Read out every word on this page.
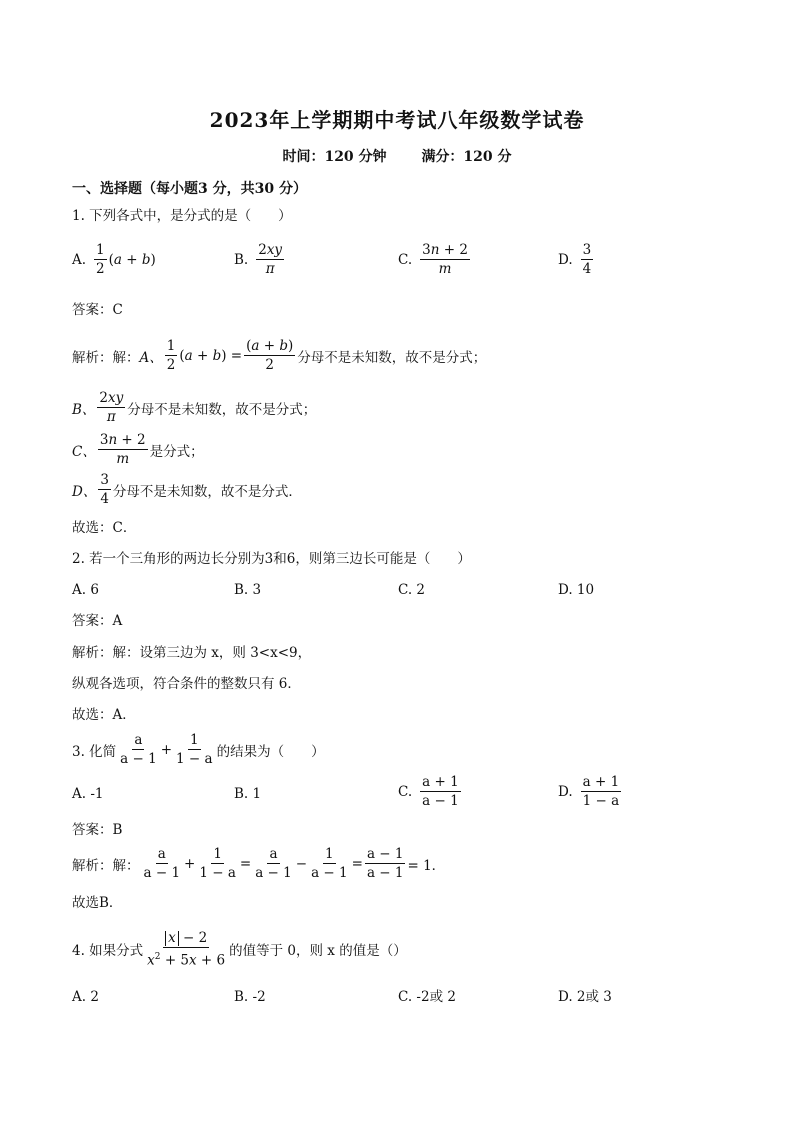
2023年上学期期中考试八年级数学试卷
时间：120 分钟 满分：120 分
一、选择题（每小题3 分，共30 分）
1. 下列各式中，是分式的是（　　）
A. $\frac{1}{2} (a + b)$	B. $\frac{2xy}{\pi}$	C. $\frac{3n + 2}{m}$	D. $\frac{3}{4}$
答案：C
解析：解： A、 $\frac{1}{2} (a + b) = \frac{(a + b)}{2}$ 分母不是未知数，故不是分式；
B、 $\frac{2xy}{\pi}$ 分母不是未知数，故不是分式；
C、 $\frac{3n + 2}{m}$ 是分式；
D、 $\frac{3}{4}$ 分母不是未知数，故不是分式．
故选：C．
2. 若一个三角形的两边长分别为3和6，则第三边长可能是（　　）
A. 6	B. 3	C. 2	D. 10
答案：A
解析：解：设第三边为 x，则 3<x<9，
纵观各选项，符合条件的整数只有 6．
故选：A．
3. 化简 $\frac{a}{a - 1} + \frac{1}{1 - a}$ 的结果为（　　）
A. -1	B. 1	C. $\frac{a + 1}{a - 1}$	D. $\frac{a + 1}{1 - a}$
答案：B
解析：解： $\frac{a}{a - 1} + \frac{1}{1 - a} = \frac{a}{a - 1} - \frac{1}{a - 1} = \frac{a - 1}{a - 1} = 1$．
故选B．
4. 如果分式 $\frac{x - 2}{x^2 + 5x + 6}$ 的值等于 0，则 x 的值是（）
A. 2	B. -2	C. -2或 2	D. 2或 3
